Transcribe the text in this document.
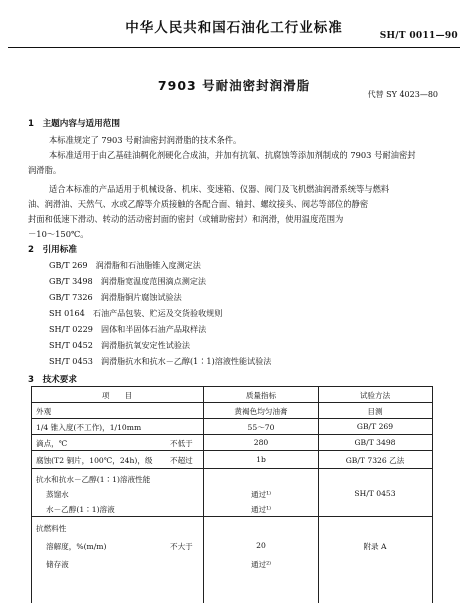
中华人民共和国石油化工行业标准	SH/T 0011—90
7903 号耐油密封润滑脂
代替 SY 4023—80
1　主题内容与适用范围
本标准规定了 7903 号耐油密封润滑脂的技术条件。
本标准适用于由乙基硅油稠化剂硬化合成油，并加有抗氧、抗腐蚀等添加剂制成的 7903 号耐油密封
润滑脂。
适合本标准的产品适用于机械设备、机床、变速箱、仪器、阀门及飞机燃油润滑系统等与燃料
油、润滑油、天然气、水或乙醇等介质接触的各配合面、轴封、螺纹接头、阀芯等部位的静密
封面和低速下滑动、转动的活动密封面的密封（或辅助密封）和润滑，使用温度范围为
－10～150℃。
2　引用标准
GB/T 269　润滑脂和石油脂锥入度测定法
GB/T 3498　润滑脂宽温度范围滴点测定法
GB/T 7326　润滑脂铜片腐蚀试验法
SH 0164　石油产品包装、贮运及交货验收规则
SH/T 0229　固体和半固体石油产品取样法
SH/T 0452　润滑脂抗氧安定性试验法
SH/T 0453　润滑脂抗水和抗水－乙醇(1∶1)溶液性能试验法
3　技术要求
项　　目	质量指标	试验方法
外观	黄褐色均匀油膏	目测
1/4 锥入度(不工作)，1/10mm	55～70	GB/T 269
滴点，℃	不低于	280	GB/T 3498
腐蚀(T2 铜片，100℃，24h)，级 不超过	1b	GB/T 7326 乙法
抗水和抗水－乙醇(1∶1)溶液性能
蒸馏水	通过¹⁾	SH/T 0453
水－乙醇(1∶1)溶液	通过¹⁾
抗燃料性
溶解度，%(m/m)	不大于	20	附录 A
储存液	通过²⁾
